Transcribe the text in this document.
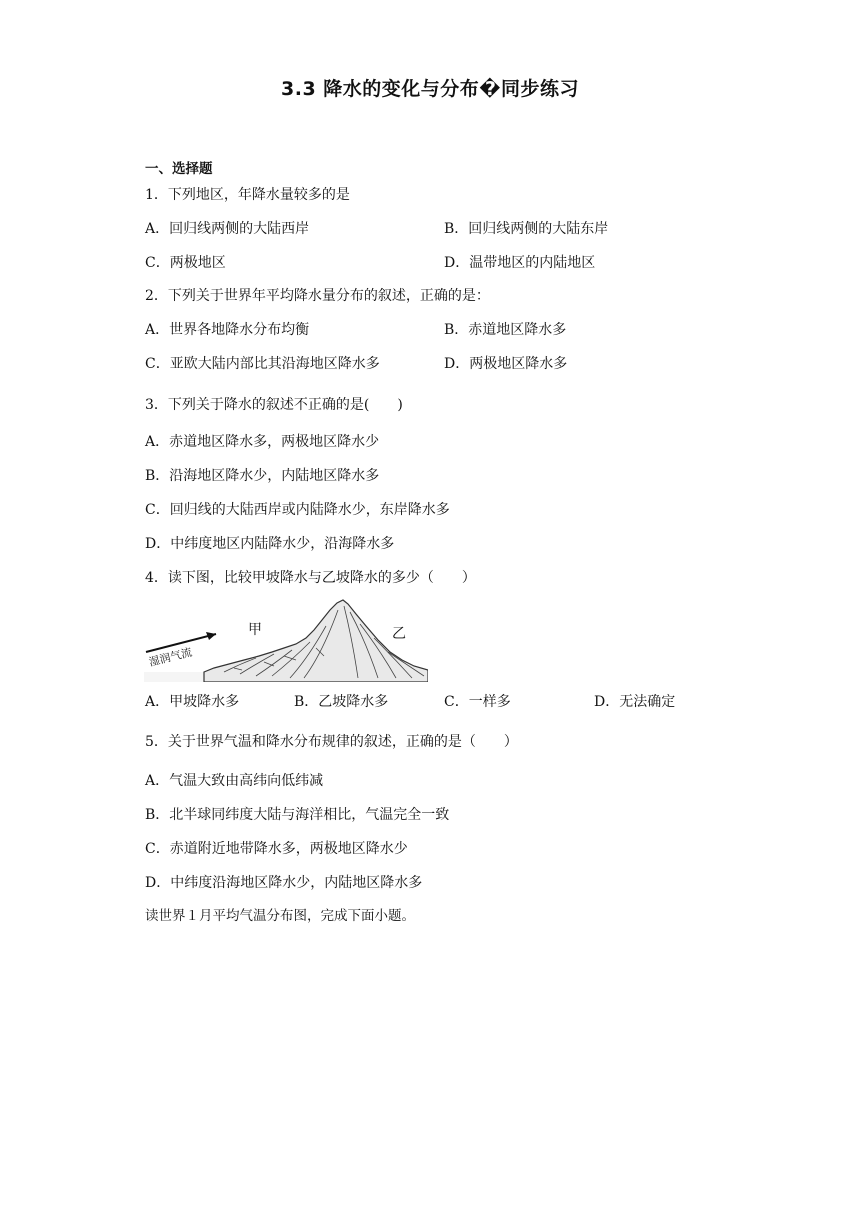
3.3 降水的变化与分布�同步练习
一、选择题
1．下列地区，年降水量较多的是
A．回归线两侧的大陆西岸	B．回归线两侧的大陆东岸
C．两极地区	D．温带地区的内陆地区
2．下列关于世界年平均降水量分布的叙述，正确的是：
A．世界各地降水分布均衡	B．赤道地区降水多
C．亚欧大陆内部比其沿海地区降水多	D．两极地区降水多
3．下列关于降水的叙述不正确的是(　　)
A．赤道地区降水多，两极地区降水少
B．沿海地区降水少，内陆地区降水多
C．回归线的大陆西岸或内陆降水少，东岸降水多
D．中纬度地区内陆降水少，沿海降水多
4．读下图，比较甲坡降水与乙坡降水的多少（　　）
湿润气流
甲	乙
A．甲坡降水多	B．乙坡降水多	C．一样多	D．无法确定
5．关于世界气温和降水分布规律的叙述，正确的是（　　）
A．气温大致由高纬向低纬减
B．北半球同纬度大陆与海洋相比，气温完全一致
C．赤道附近地带降水多，两极地区降水少
D．中纬度沿海地区降水少，内陆地区降水多
读世界１月平均气温分布图，完成下面小题。
